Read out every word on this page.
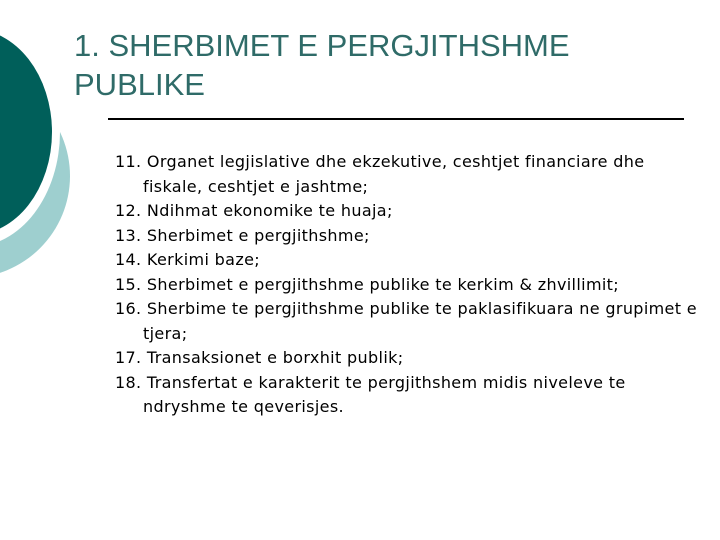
1. SHERBIMET E PERGJITHSHME PUBLIKE
11. Organet legjislative dhe ekzekutive, ceshtjet financiare dhe fiskale, ceshtjet e jashtme;
12. Ndihmat ekonomike te huaja;
13. Sherbimet e pergjithshme;
14. Kerkimi baze;
15. Sherbimet e pergjithshme publike te kerkim & zhvillimit;
16. Sherbime te pergjithshme publike te paklasifikuara ne grupimet e tjera;
17. Transaksionet e borxhit publik;
18. Transfertat e karakterit te pergjithshem midis niveleve te ndryshme te qeverisjes.
